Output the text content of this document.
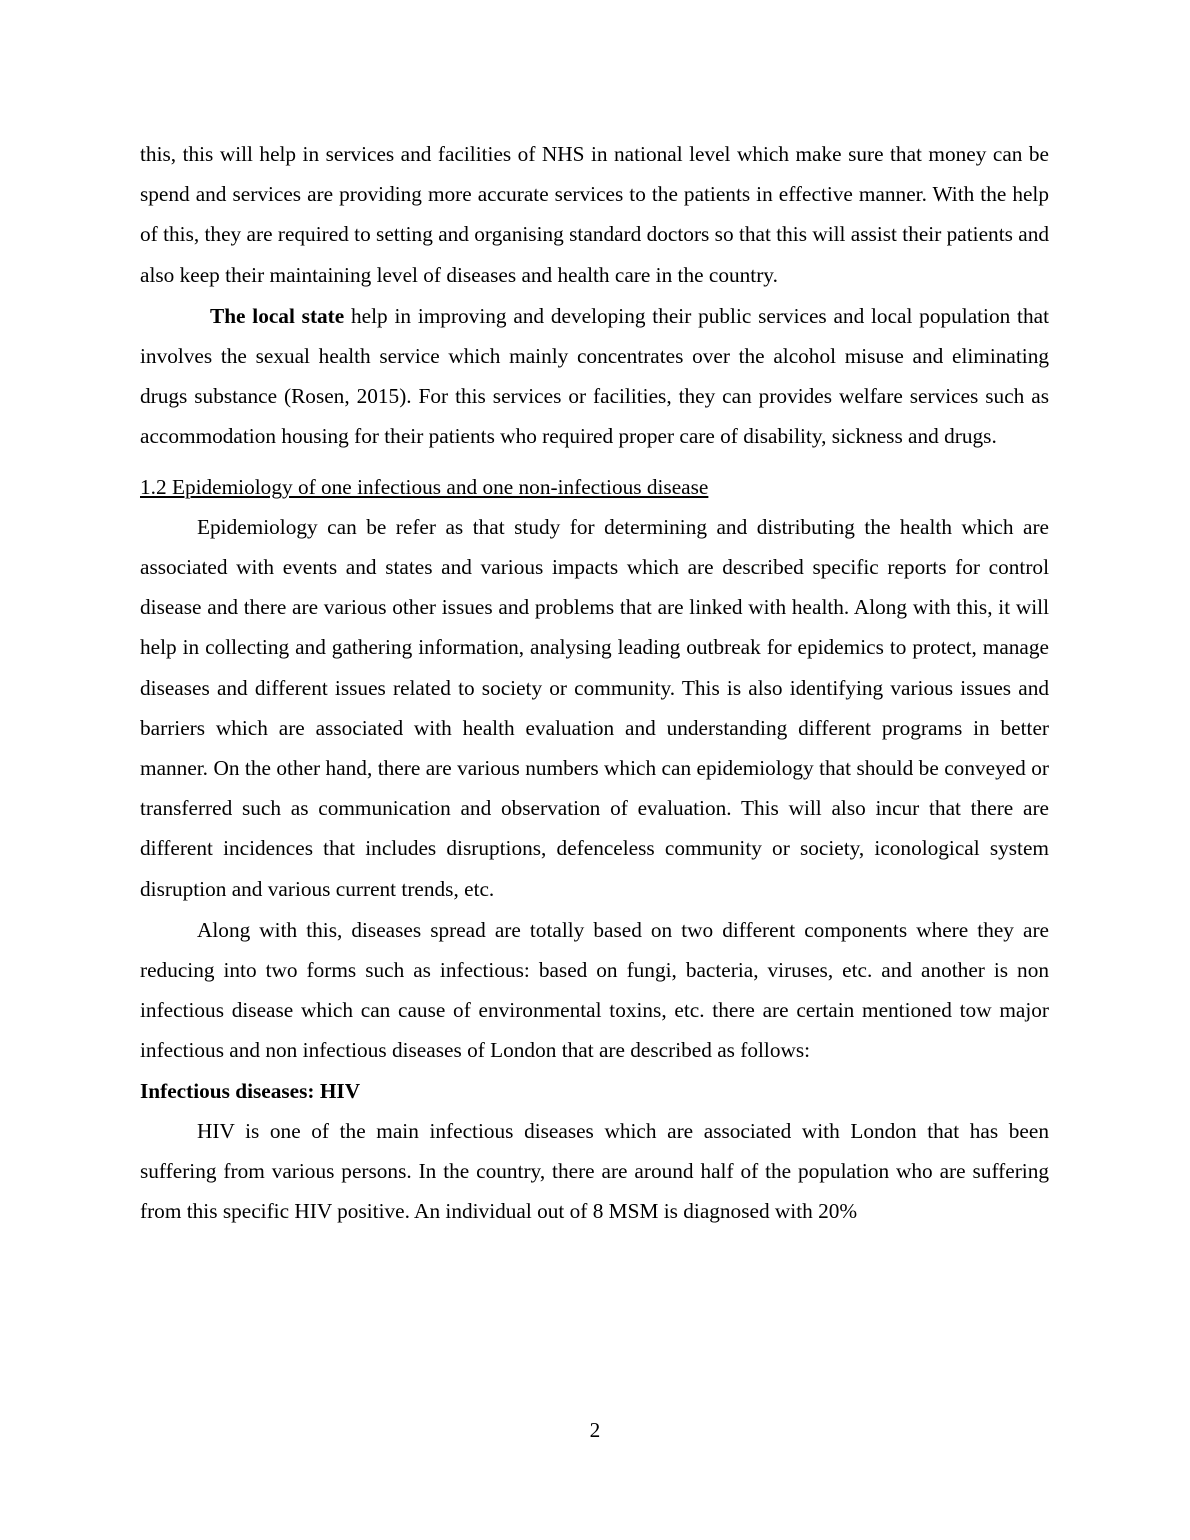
this, this will help in services and facilities of NHS in national level which make sure that money can be spend and services are providing more accurate services to the patients in effective manner. With the help of this, they are required to setting and organising standard doctors so that this will assist their patients and also keep their maintaining level of diseases and health care in the country.

The local state help in improving and developing their public services and local population that involves the sexual health service which mainly concentrates over the alcohol misuse and eliminating drugs substance (Rosen, 2015). For this services or facilities, they can provides welfare services such as accommodation housing for their patients who required proper care of disability, sickness and drugs.

1.2 Epidemiology of one infectious and one non-infectious disease

Epidemiology can be refer as that study for determining and distributing the health which are associated with events and states and various impacts which are described specific reports for control disease and there are various other issues and problems that are linked with health. Along with this, it will help in collecting and gathering information, analysing leading outbreak for epidemics to protect, manage diseases and different issues related to society or community. This is also identifying various issues and barriers which are associated with health evaluation and understanding different programs in better manner. On the other hand, there are various numbers which can epidemiology that should be conveyed or transferred such as communication and observation of evaluation. This will also incur that there are different incidences that includes disruptions, defenceless community or society, iconological system disruption and various current trends, etc.

Along with this, diseases spread are totally based on two different components where they are reducing into two forms such as infectious: based on fungi, bacteria, viruses, etc. and another is non infectious disease which can cause of environmental toxins, etc. there are certain mentioned tow major infectious and non infectious diseases of London that are described as follows:

Infectious diseases: HIV

HIV is one of the main infectious diseases which are associated with London that has been suffering from various persons. In the country, there are around half of the population who are suffering from this specific HIV positive. An individual out of 8 MSM is diagnosed with 20%

2
